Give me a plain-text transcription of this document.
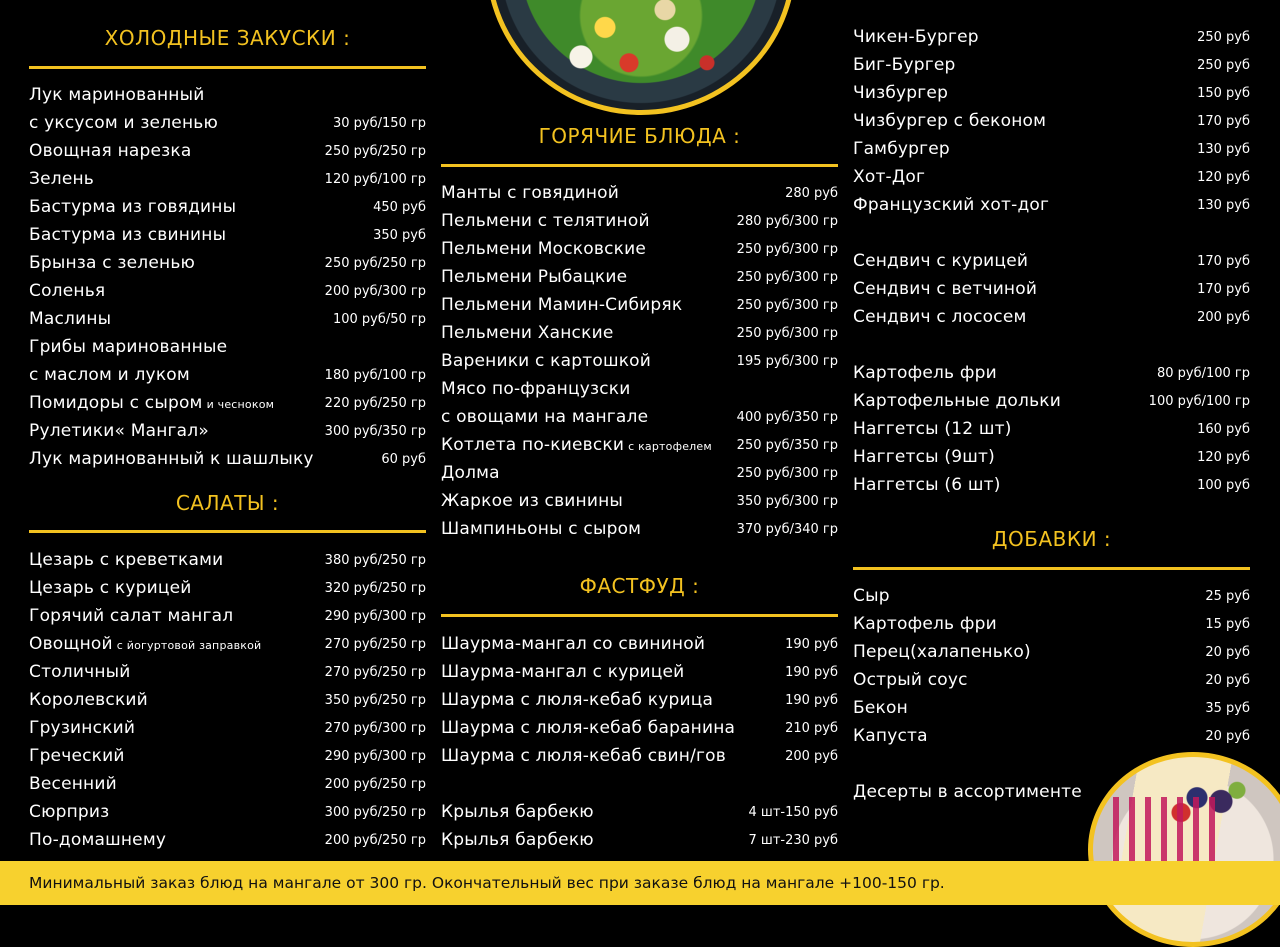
ХОЛОДНЫЕ ЗАКУСКИ :
Лук маринованный
с уксусом и зеленью	30 руб/150 гр
Овощная нарезка	250 руб/250 гр
Зелень	120 руб/100 гр
Бастурма из говядины	450 руб
Бастурма из свинины	350 руб
Брынза с зеленью	250 руб/250 гр
Соленья	200 руб/300 гр
Маслины	100 руб/50 гр
Грибы маринованные
с маслом и луком	180 руб/100 гр
Помидоры с сыром и чесноком	220 руб/250 гр
Рулетики« Мангал»	300 руб/350 гр
Лук маринованный к шашлыку	60 руб
САЛАТЫ :
Цезарь с креветками	380 руб/250 гр
Цезарь с курицей	320 руб/250 гр
Горячий салат мангал	290 руб/300 гр
Овощной с йогуртовой заправкой	270 руб/250 гр
Столичный	270 руб/250 гр
Королевский	350 руб/250 гр
Грузинский	270 руб/300 гр
Греческий	290 руб/300 гр
Весенний	200 руб/250 гр
Сюрприз	300 руб/250 гр
По-домашнему	200 руб/250 гр
ГОРЯЧИЕ БЛЮДА :
Манты с говядиной	280 руб
Пельмени с телятиной	280 руб/300 гр
Пельмени Московские	250 руб/300 гр
Пельмени Рыбацкие	250 руб/300 гр
Пельмени Мамин-Сибиряк	250 руб/300 гр
Пельмени Ханские	250 руб/300 гр
Вареники с картошкой	195 руб/300 гр
Мясо по-французски
с овощами на мангале	400 руб/350 гр
Котлета по-киевски с картофелем 250 руб/350 гр
Долма	250 руб/300 гр
Жаркое из свинины	350 руб/300 гр
Шампиньоны с сыром	370 руб/340 гр
ФАСТФУД :
Шаурма-мангал со свининой	190 руб
Шаурма-мангал с курицей	190 руб
Шаурма с люля-кебаб курица	190 руб
Шаурма с люля-кебаб баранина	210 руб
Шаурма с люля-кебаб свин/гов	200 руб
Крылья барбекю	4 шт-150 руб
Крылья барбекю	7 шт-230 руб
Чикен-Бургер	250 руб
Биг-Бургер	250 руб
Чизбургер	150 руб
Чизбургер с беконом	170 руб
Гамбургер	130 руб
Хот-Дог	120 руб
Французский хот-дог	130 руб
Сендвич с курицей	170 руб
Сендвич с ветчиной	170 руб
Сендвич с лососем	200 руб
Картофель фри	80 руб/100 гр
Картофельные дольки	100 руб/100 гр
Наггетсы (12 шт)	160 руб
Наггетсы (9шт)	120 руб
Наггетсы (6 шт)	100 руб
ДОБАВКИ :
Сыр	25 руб
Картофель фри	15 руб
Перец(халапенько)	20 руб
Острый соус	20 руб
Бекон	35 руб
Капуста	20 руб
Десерты в ассортименте
Минимальный заказ блюд на мангале от 300 гр. Окончательный вес при заказе блюд на мангале +100-150 гр.
